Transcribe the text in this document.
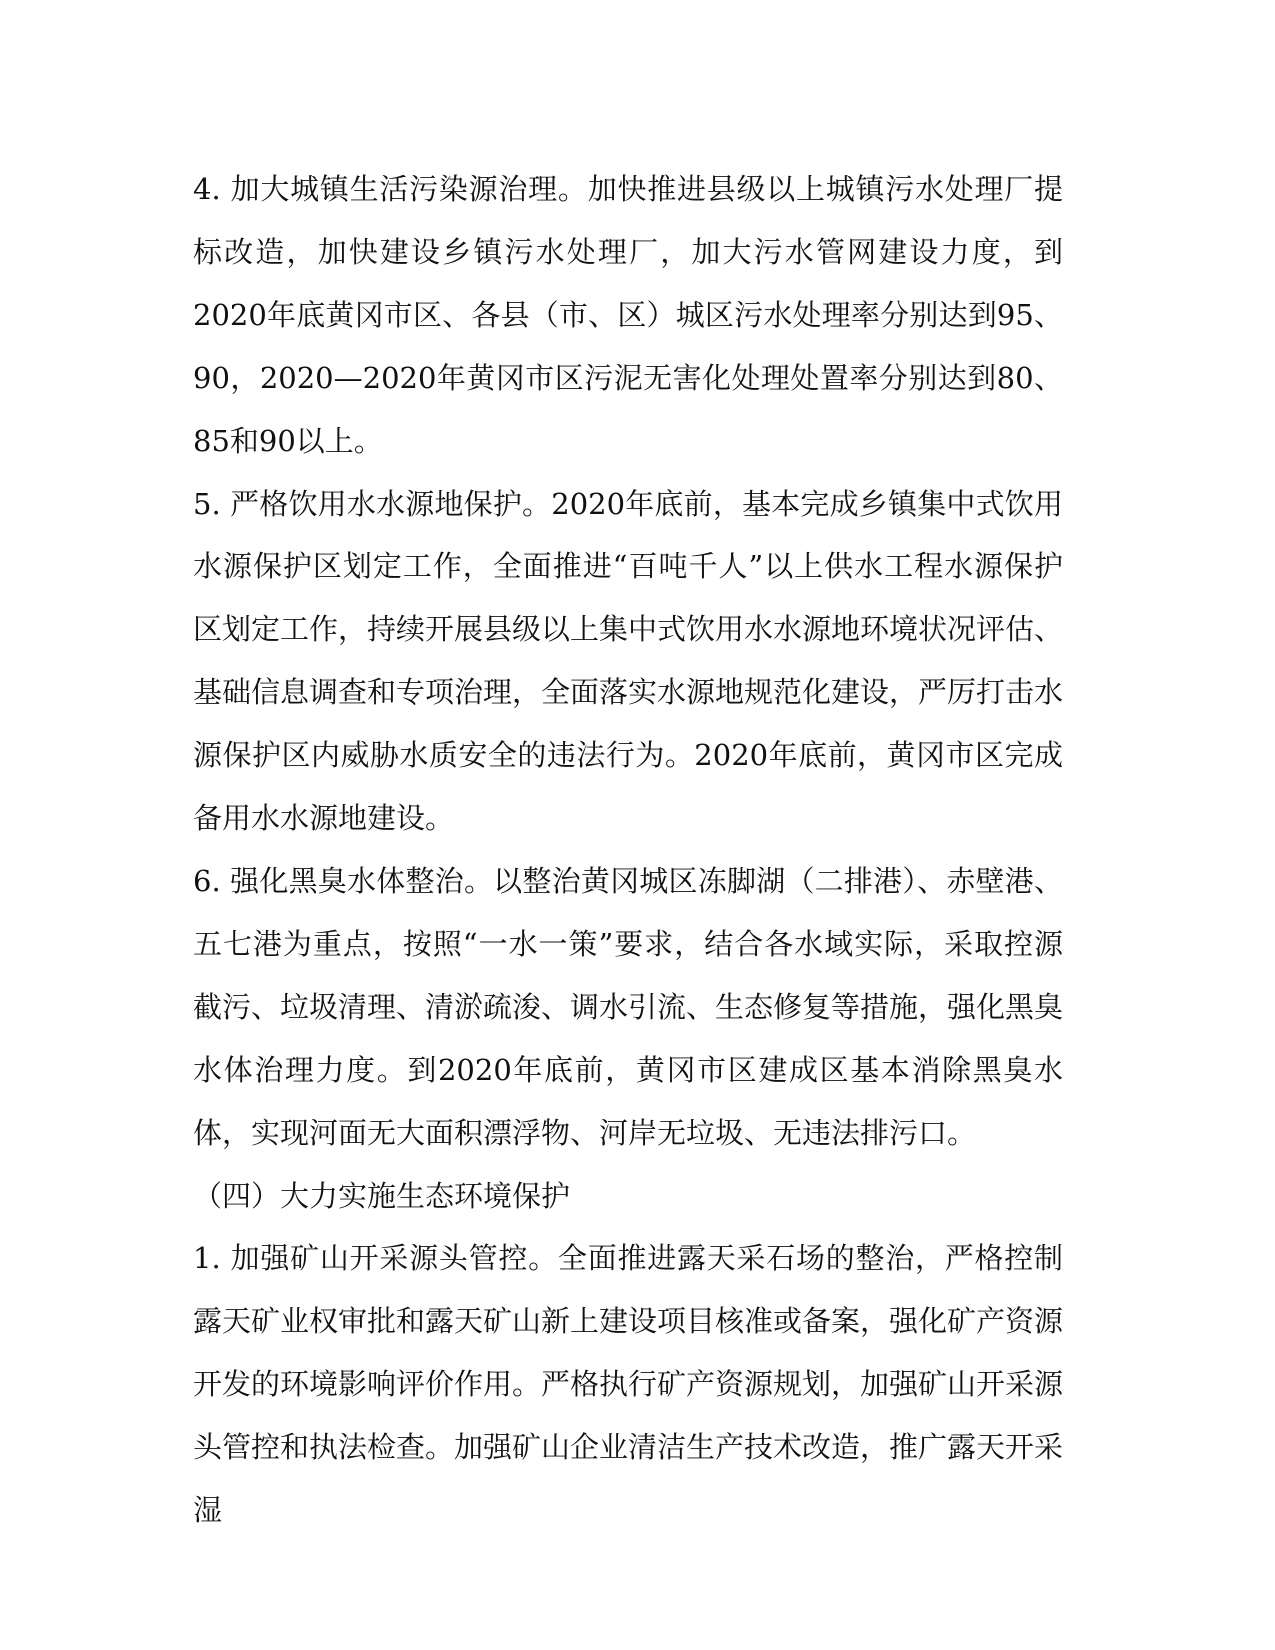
4. 加大城镇生活污染源治理。加快推进县级以上城镇污水处理厂提标改造，加快建设乡镇污水处理厂，加大污水管网建设力度，到2020年底黄冈市区、各县（市、区）城区污水处理率分别达到95、90，2020—2020年黄冈市区污泥无害化处理处置率分别达到80、85和90以上。

5. 严格饮用水水源地保护。2020年底前，基本完成乡镇集中式饮用水源保护区划定工作，全面推进“百吨千人”以上供水工程水源保护区划定工作，持续开展县级以上集中式饮用水水源地环境状况评估、基础信息调查和专项治理，全面落实水源地规范化建设，严厉打击水源保护区内威胁水质安全的违法行为。2020年底前，黄冈市区完成备用水水源地建设。

6. 强化黑臭水体整治。以整治黄冈城区冻脚湖（二排港）、赤壁港、五七港为重点，按照“一水一策”要求，结合各水域实际，采取控源截污、垃圾清理、清淤疏浚、调水引流、生态修复等措施，强化黑臭水体治理力度。到2020年底前，黄冈市区建成区基本消除黑臭水体，实现河面无大面积漂浮物、河岸无垃圾、无违法排污口。

（四）大力实施生态环境保护

1. 加强矿山开采源头管控。全面推进露天采石场的整治，严格控制露天矿业权审批和露天矿山新上建设项目核准或备案，强化矿产资源开发的环境影响评价作用。严格执行矿产资源规划，加强矿山开采源头管控和执法检查。加强矿山企业清洁生产技术改造，推广露天开采湿
